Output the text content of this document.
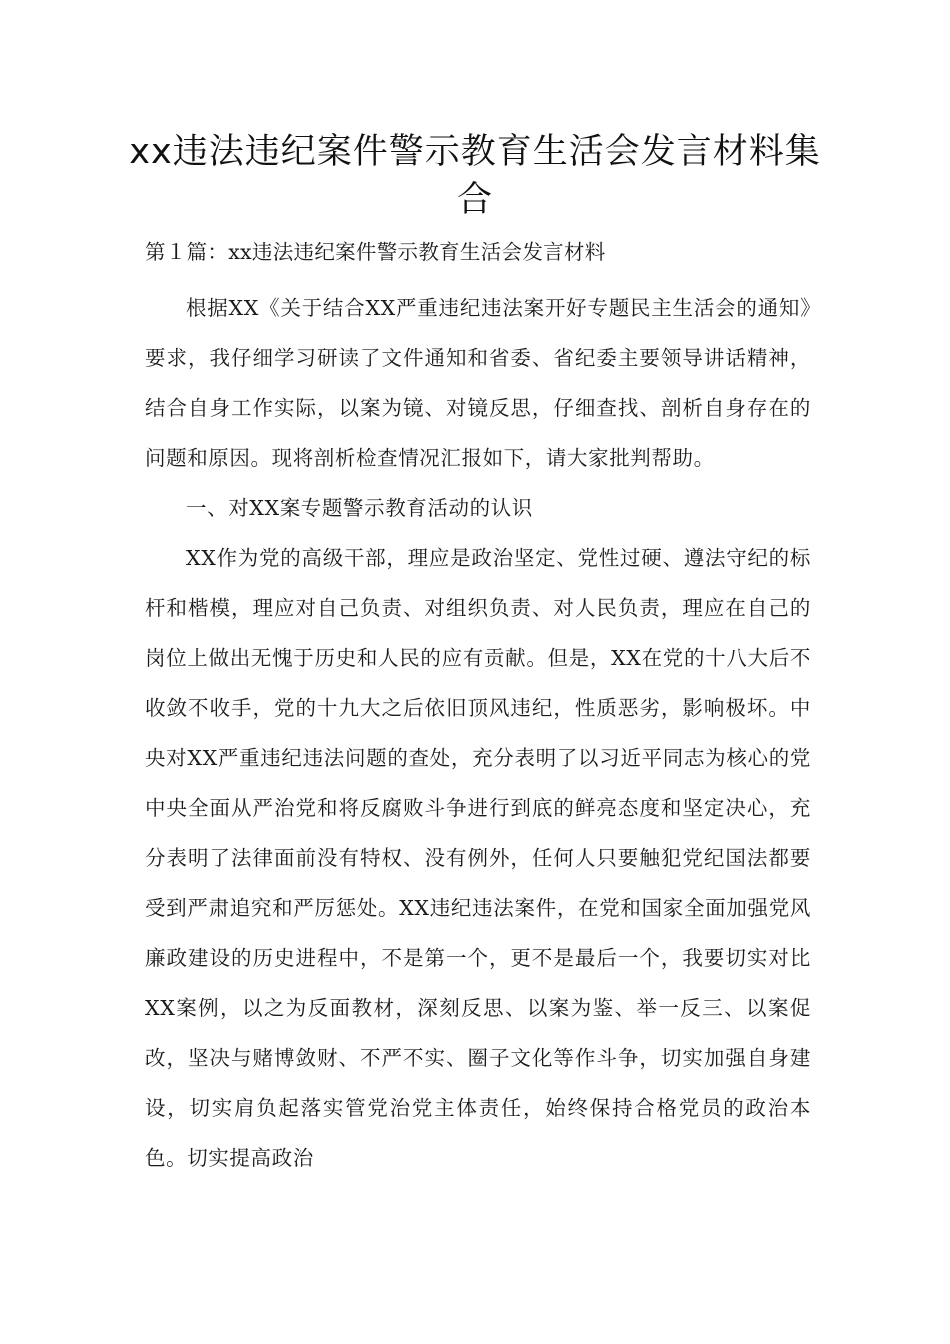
xx违法违纪案件警示教育生活会发言材料集合
第１篇：xx违法违纪案件警示教育生活会发言材料

根据XX《关于结合XX严重违纪违法案开好专题民主生活会的通知》要求，我仔细学习研读了文件通知和省委、省纪委主要领导讲话精神，结合自身工作实际，以案为镜、对镜反思，仔细查找、剖析自身存在的问题和原因。现将剖析检查情况汇报如下，请大家批判帮助。

一、对XX案专题警示教育活动的认识

XX作为党的高级干部，理应是政治坚定、党性过硬、遵法守纪的标杆和楷模，理应对自己负责、对组织负责、对人民负责，理应在自己的岗位上做出无愧于历史和人民的应有贡献。但是，XX在党的十八大后不收敛不收手，党的十九大之后依旧顶风违纪，性质恶劣，影响极坏。中央对XX严重违纪违法问题的查处，充分表明了以习近平同志为核心的党中央全面从严治党和将反腐败斗争进行到底的鲜亮态度和坚定决心，充分表明了法律面前没有特权、没有例外，任何人只要触犯党纪国法都要受到严肃追究和严厉惩处。XX违纪违法案件，在党和国家全面加强党风廉政建设的历史进程中，不是第一个，更不是最后一个，我要切实对比XX案例，以之为反面教材，深刻反思、以案为鉴、举一反三、以案促改，坚决与赌博敛财、不严不实、圈子文化等作斗争，切实加强自身建设，切实肩负起落实管党治党主体责任，始终保持合格党员的政治本色。切实提高政治
